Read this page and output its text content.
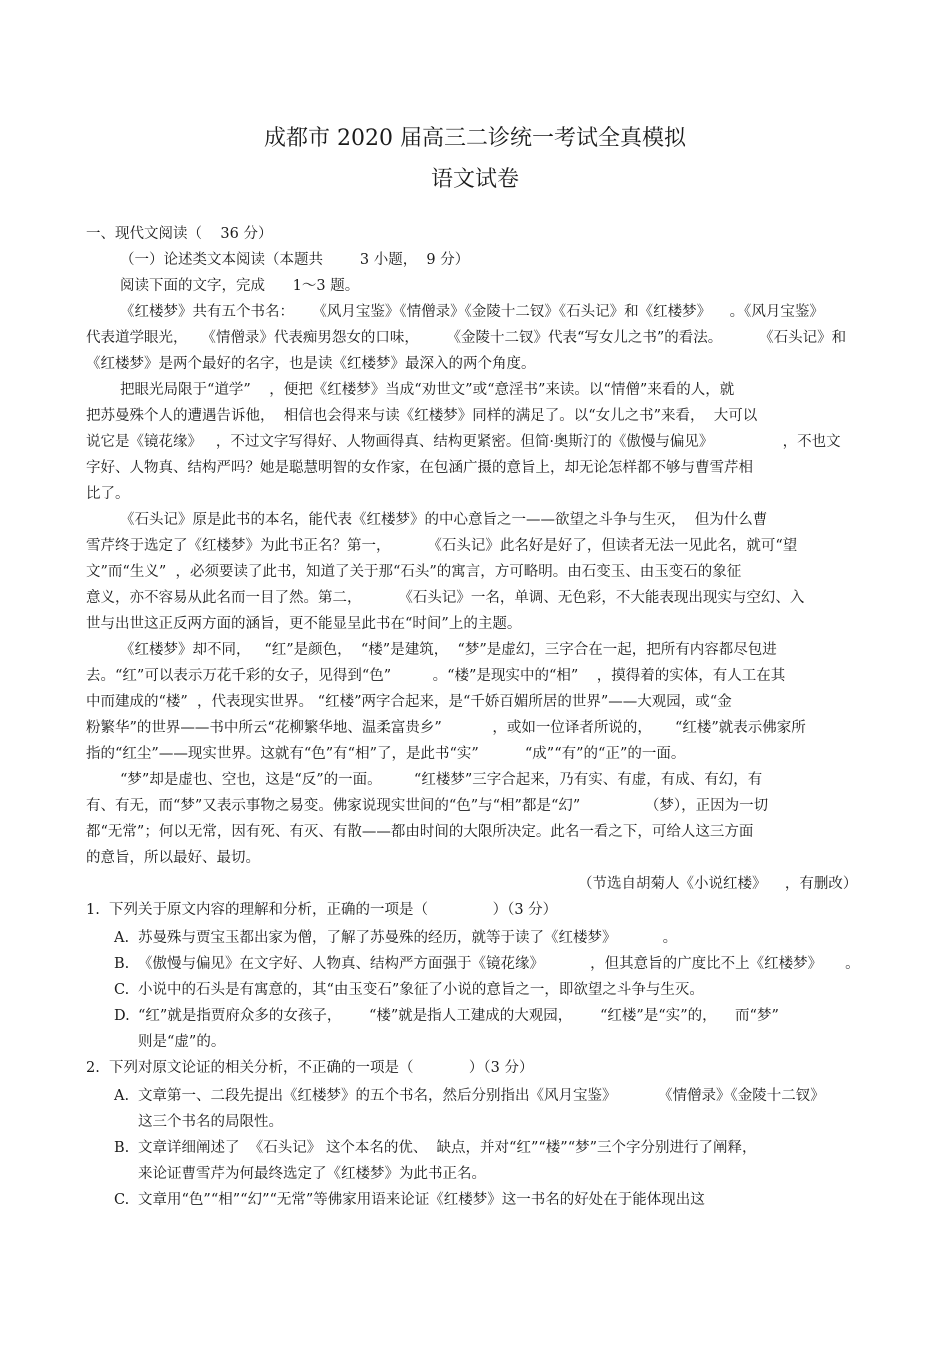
成都市 2020 届高三二诊统一考试全真模拟
语文试卷
一、现代文阅读（    36 分）
（一）论述类文本阅读（本题共        3 小题，  9 分）
阅读下面的文字，完成      1～3 题。
《红楼梦》共有五个书名：    《风月宝鉴》《情僧录》《金陵十二钗》《石头记》和《红楼梦》    。《风月宝鉴》
代表道学眼光，   《情僧录》代表痴男怨女的口味，      《金陵十二钗》代表“写女儿之书”的看法。        《石头记》和
《红楼梦》是两个最好的名字，也是读《红楼梦》最深入的两个角度。
把眼光局限于“道学”    ，便把《红楼梦》当成“劝世文”或“意淫书”来读。以“情僧”来看的人，就
把苏曼殊个人的遭遇告诉他，  相信也会得来与读《红楼梦》同样的满足了。以“女儿之书”来看，  大可以
说它是《镜花缘》   ，不过文字写得好、人物画得真、结构更紧密。但简·奥斯汀的《傲慢与偏见》               ，不也文
字好、人物真、结构严吗？她是聪慧明智的女作家，在包涵广摄的意旨上，却无论怎样都不够与曹雪芹相
比了。
《石头记》原是此书的本名，能代表《红楼梦》的中心意旨之一——欲望之斗争与生灭，  但为什么曹
雪芹终于选定了《红楼梦》为此书正名？第一，        《石头记》此名好是好了，但读者无法一见此名，就可“望
文”而“生义”  ，必须要读了此书，知道了关于那“石头”的寓言，方可略明。由石变玉、由玉变石的象征
意义，亦不容易从此名而一目了然。第二，        《石头记》一名，单调、无色彩，不大能表现出现实与空幻、入
世与出世这正反两方面的涵旨，更不能显呈此书在“时间”上的主题。
《红楼梦》却不同，   “红”是颜色，  “楼”是建筑，  “梦”是虚幻，三字合在一起，把所有内容都尽包进
去。“红”可以表示万花千彩的女子，见得到“色”         。“楼”是现实中的“相”    ，摸得着的实体，有人工在其
中而建成的“楼”  ，代表现实世界。 “红楼”两字合起来，是“千娇百媚所居的世界”——大观园，或“金
粉繁华”的世界——书中所云“花柳繁华地、温柔富贵乡”           ，或如一位译者所说的，     “红楼”就表示佛家所
指的“红尘”——现实世界。这就有“色”有“相”了，是此书“实”          “成”“有”的“正”的一面。
“梦”却是虚也、空也，这是“反”的一面。       “红楼梦”三字合起来，乃有实、有虚，有成、有幻，有
有、有无，而“梦”又表示事物之易变。佛家说现实世间的“色”与“相”都是“幻”              （梦），正因为一切
都“无常”；何以无常，因有死、有灭、有散——都由时间的大限所决定。此名一看之下，可给人这三方面
的意旨，所以最好、最切。
（节选自胡菊人《小说红楼》    ，有删改）
1.  下列关于原文内容的理解和分析，正确的一项是（              ）（3 分）
A. 苏曼殊与贾宝玉都出家为僧，了解了苏曼殊的经历，就等于读了《红楼梦》          。
B. 《傲慢与偏见》在文字好、人物真、结构严方面强于《镜花缘》          ，但其意旨的广度比不上《红楼梦》     。
C. 小说中的石头是有寓意的，其“由玉变石”象征了小说的意旨之一，即欲望之斗争与生灭。
D. “红”就是指贾府众多的女孩子，      “楼”就是指人工建成的大观园，      “红楼”是“实”的，    而“梦”
则是“虚”的。
2.  下列对原文论证的相关分析，不正确的一项是（            ）（3 分）
A. 文章第一、二段先提出《红楼梦》的五个书名，然后分别指出《风月宝鉴》         《情僧录》《金陵十二钗》
这三个书名的局限性。
B. 文章详细阐述了  《石头记》 这个本名的优、  缺点，并对“红”“楼”“梦”三个字分别进行了阐释，
来论证曹雪芹为何最终选定了《红楼梦》为此书正名。
C. 文章用“色”“相”“幻”“无常”等佛家用语来论证《红楼梦》这一书名的好处在于能体现出这
